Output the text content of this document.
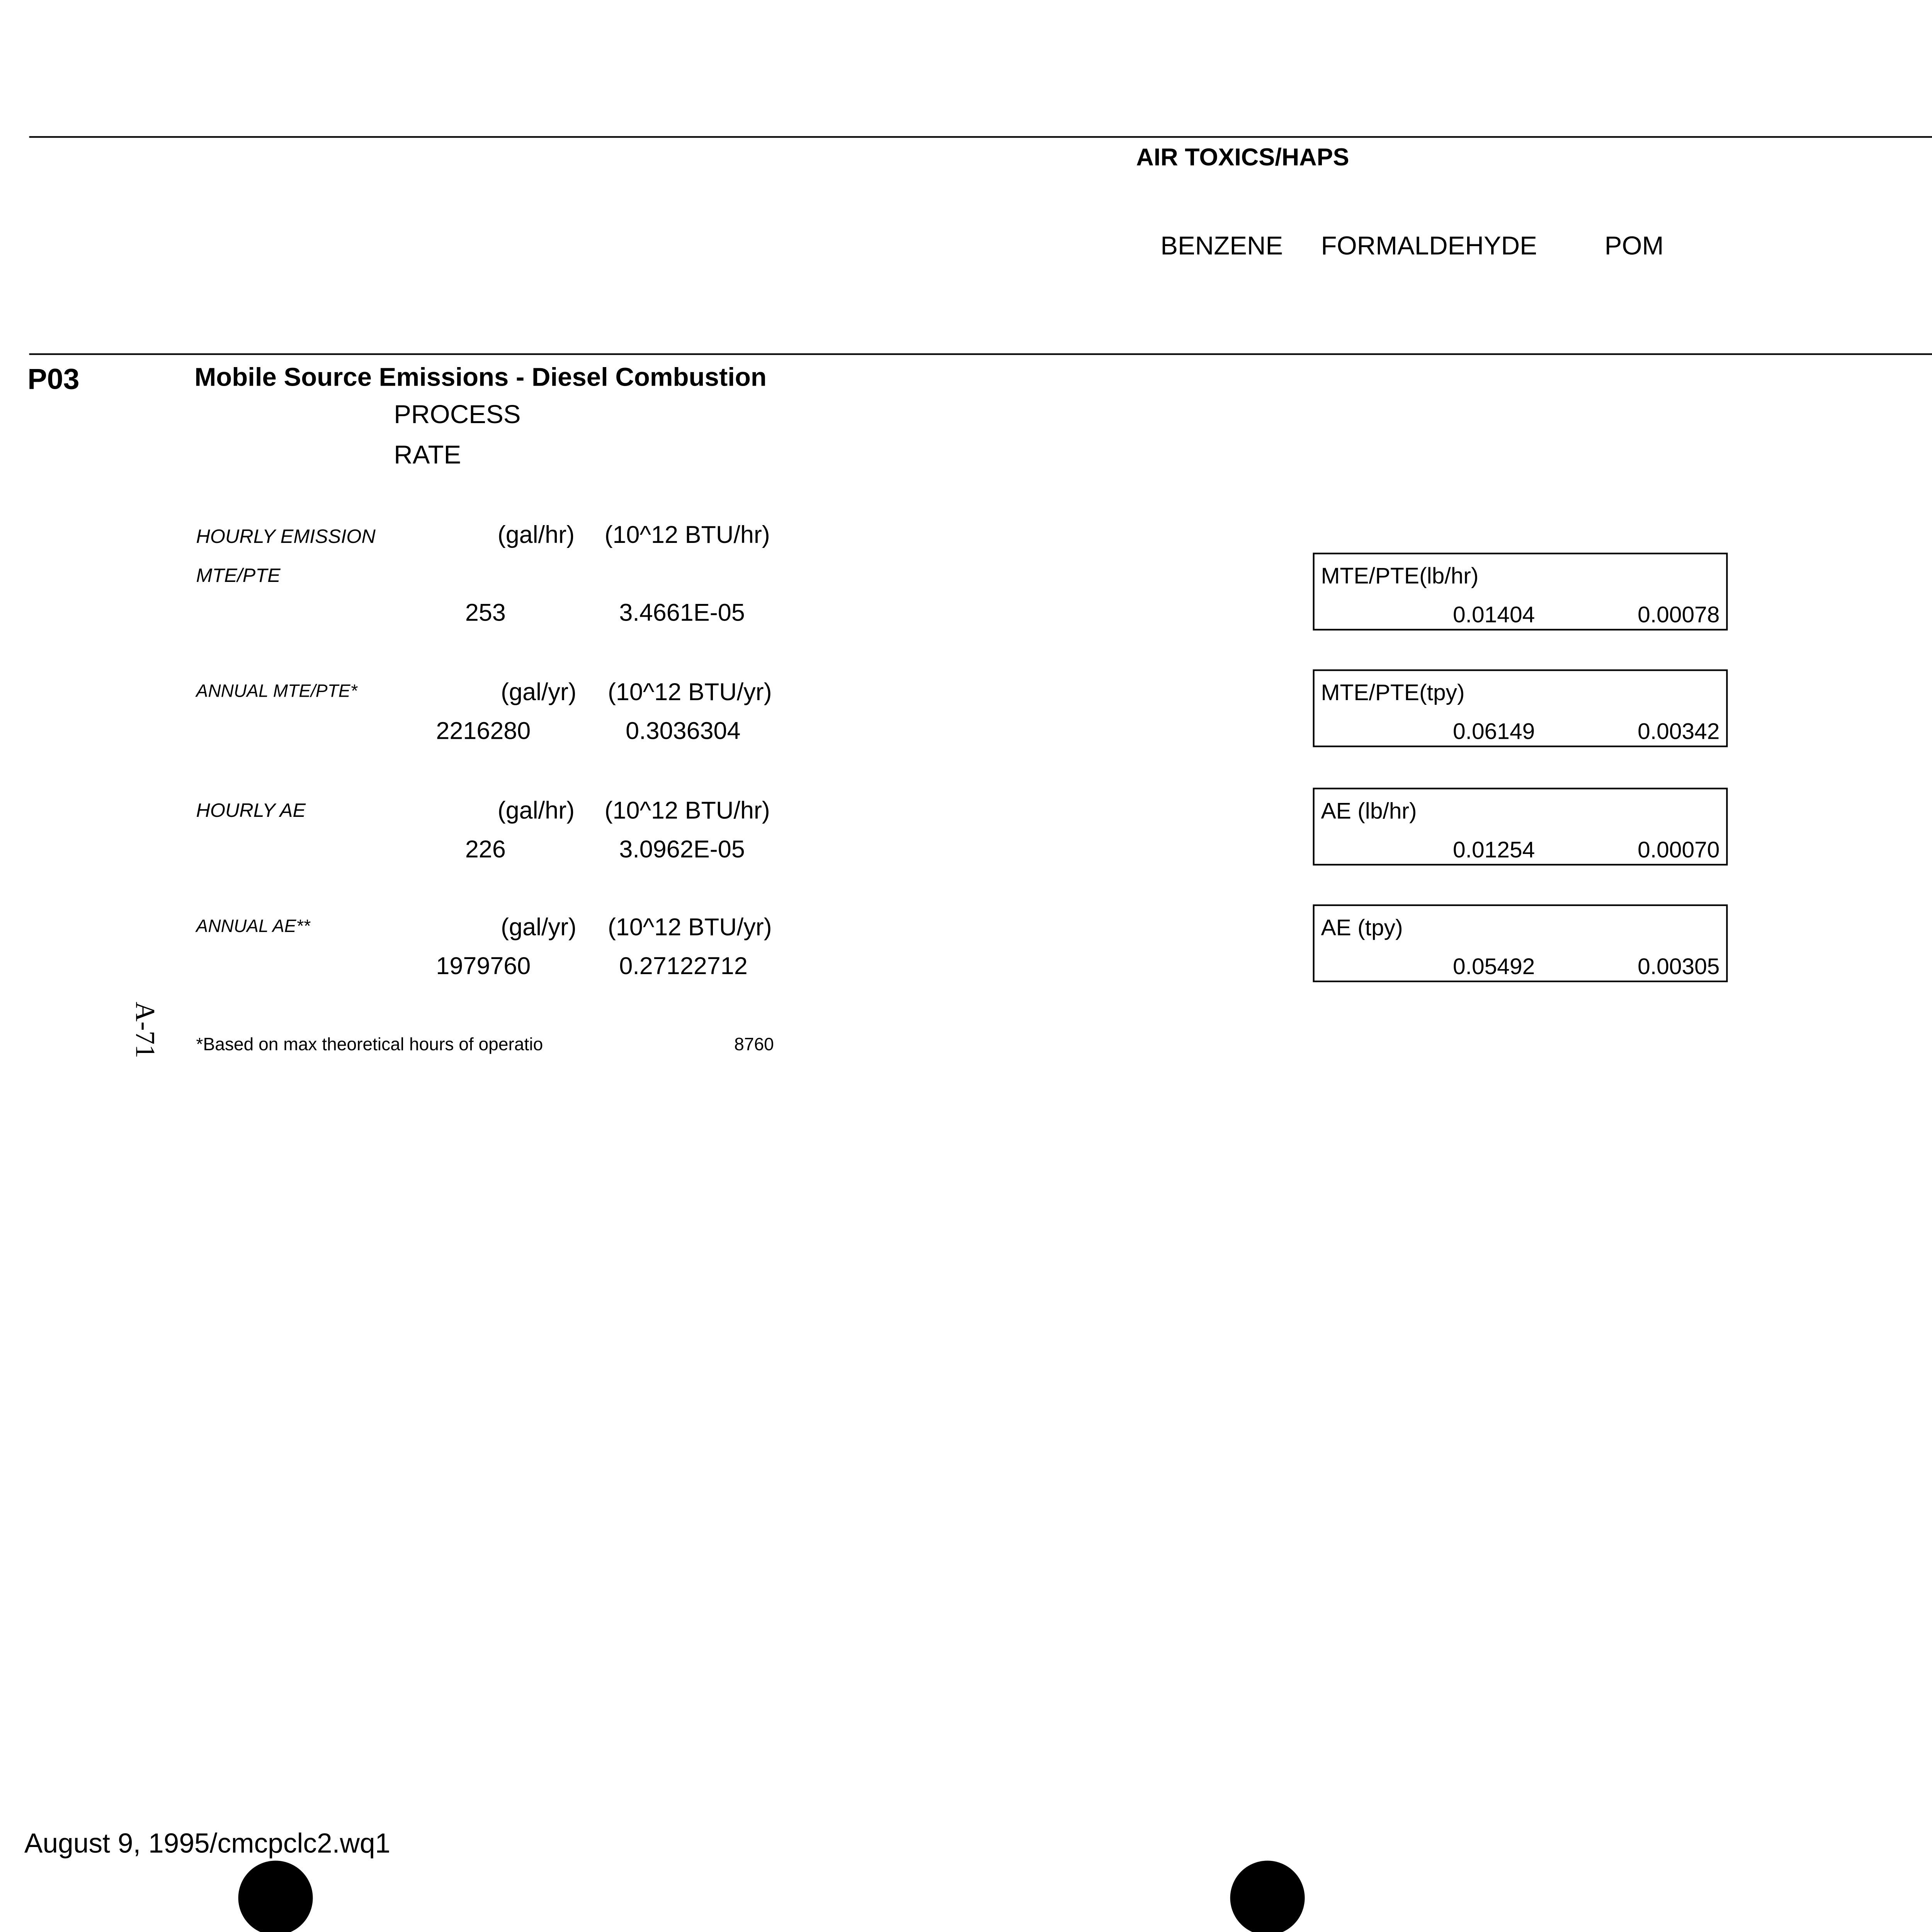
AIR TOXICS/HAPS
BENZENE	FORMALDEHYDE	POM
P03	Mobile Source Emissions - Diesel Combustion
PROCESS
RATE
HOURLY EMISSION
MTE/PTE
(gal/hr)	(10^12 BTU/hr)
253	3.4661E-05
ANNUAL MTE/PTE*	(gal/yr)	(10^12 BTU/yr)
2216280	0.3036304
HOURLY AE	(gal/hr)	(10^12 BTU/hr)
226	3.0962E-05
ANNUAL AE**	(gal/yr)	(10^12 BTU/yr)
1979760	0.27122712
MTE/PTE(lb/hr)
0.01404	0.00078
MTE/PTE(tpy)
0.06149	0.00342
AE (lb/hr)
0.01254	0.00070
AE (tpy)
0.05492	0.00305
A-71	*Based on max theoretical hours of operatio	8760
August 9, 1995/cmcpclc2.wq1
